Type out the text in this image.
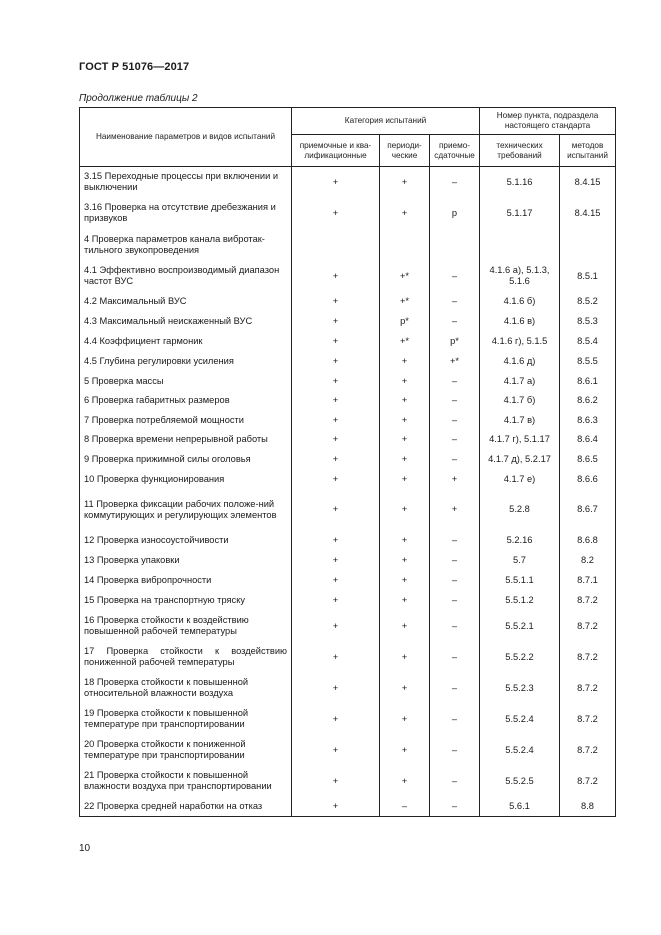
ГОСТ Р 51076—2017
Продолжение таблицы 2
Наименование параметров и видов испытаний	Категория испытаний			Номер пункта, подраздела настоящего стандарта	
	приемочные и ква-лификационные	периоди-ческие	приемо-сдаточные	технических требований	методов испытаний
3.15 Переходные процессы при включении и выключении	+	+	–	5.1.16	8.4.15
3.16 Проверка на отсутствие дребезжания и призвуков	+	+	р	5.1.17	8.4.15
4 Проверка параметров канала вибротак-тильного звукопроведения					
4.1 Эффективно воспроизводимый диапазон частот ВУС	+	+*	–	4.1.6 а), 5.1.3, 5.1.6	8.5.1
4.2 Максимальный ВУС	+	+*	–	4.1.6 б)	8.5.2
4.3 Максимальный неискаженный ВУС	+	р*	–	4.1.6 в)	8.5.3
4.4 Коэффициент гармоник	+	+*	р*	4.1.6 г), 5.1.5	8.5.4
4.5 Глубина регулировки усиления	+	+	+*	4.1.6 д)	8.5.5
5 Проверка массы	+	+	–	4.1.7 а)	8.6.1
6 Проверка габаритных размеров	+	+	–	4.1.7 б)	8.6.2
7 Проверка потребляемой мощности	+	+	–	4.1.7 в)	8.6.3
8 Проверка времени непрерывной работы	+	+	–	4.1.7 г), 5.1.17	8.6.4
9 Проверка прижимной силы оголовья	+	+	–	4.1.7 д), 5.2.17	8.6.5
10 Проверка функционирования	+	+	+	4.1.7 е)	8.6.6
11 Проверка фиксации рабочих положе-ний коммутирующих и регулирующих элементов	+	+	+	5.2.8	8.6.7
12 Проверка износоустойчивости	+	+	–	5.2.16	8.6.8
13 Проверка упаковки	+	+	–	5.7	8.2
14 Проверка вибропрочности	+	+	–	5.5.1.1	8.7.1
15 Проверка на транспортную тряску	+	+	–	5.5.1.2	8.7.2
16 Проверка стойкости к воздействию повышенной рабочей температуры	+	+	–	5.5.2.1	8.7.2
17 Проверка стойкости к воздействию пониженной рабочей температуры	+	+	–	5.5.2.2	8.7.2
18 Проверка стойкости к повышенной относительной влажности воздуха	+	+	–	5.5.2.3	8.7.2
19 Проверка стойкости к повышенной температуре при транспортировании	+	+	–	5.5.2.4	8.7.2
20 Проверка стойкости к пониженной температуре при транспортировании	+	+	–	5.5.2.4	8.7.2
21 Проверка стойкости к повышенной влажности воздуха при транспортировании	+	+	–	5.5.2.5	8.7.2
22 Проверка средней наработки на отказ	+	–	–	5.6.1	8.8
10
